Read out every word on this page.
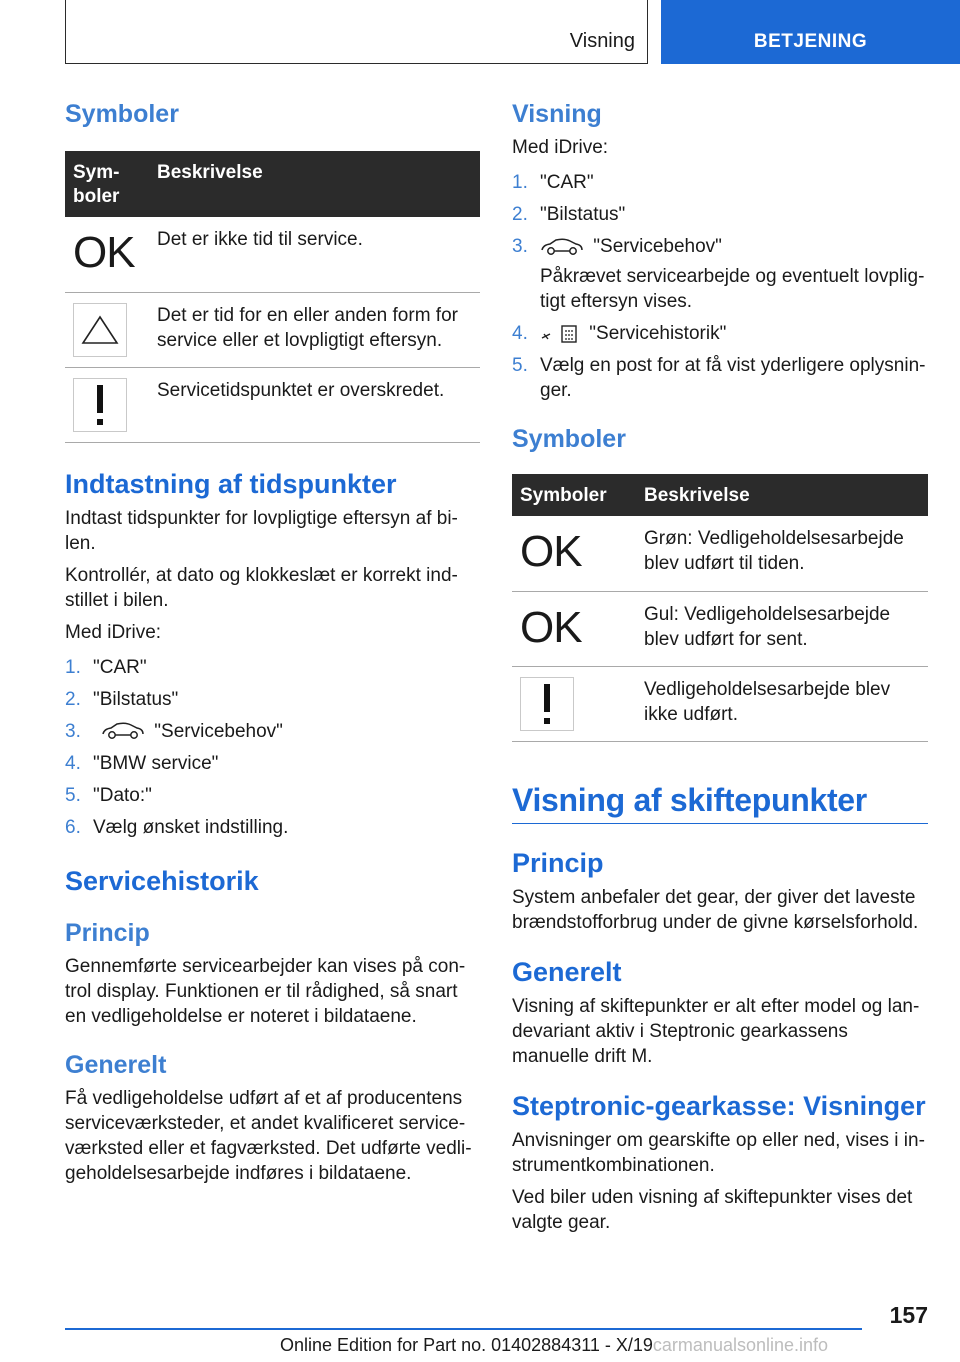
Visning	BETJENING
Symboler
Sym-
boler	Beskrivelse

OK	Det er ikke tid til service.

	Det er tid for en eller anden form for service eller et lovpligtigt eftersyn.

	Servicetidspunktet er overskredet.
Indtastning af tidspunkter

Indtast tidspunkter for lovpligtige eftersyn af bi-len.

Kontrollér, at dato og klokkeslæt er korrekt ind-stillet i bilen.

Med iDrive:

1. "CAR"
2. "Bilstatus"
3.	"Servicebehov"
4. "BMW service"
5. "Dato:"
6. Vælg ønsket indstilling.
Servicehistorik
Princip

Gennemførte servicearbejder kan vises på con-trol display. Funktionen er til rådighed, så snart en vedligeholdelse er noteret i bildataene.

Generelt

Få vedligeholdelse udført af et af producentens serviceværksteder, et andet kvalificeret service-værksted eller et fagværksted. Det udførte vedli-geholdelsesarbejde indføres i bildataene.

Visning

Med iDrive:

1. "CAR"
2. "Bilstatus"
3.	"Servicebehov"
Påkrævet servicearbejde og eventuelt lovplig-tigt eftersyn vises.
4.	"Servicehistorik"
5. Vælg en post for at få vist yderligere oplysnin-ger.
Symboler
Symboler	Beskrivelse

OK	Grøn: Vedligeholdelsesarbejde blev udført til tiden.

OK	Gul: Vedligeholdelsesarbejde blev udført for sent.

	Vedligeholdelsesarbejde blev ikke udført.
Visning af skiftepunkter
Princip

System anbefaler det gear, der giver det laveste brændstofforbrug under de givne kørselsforhold.

Generelt

Visning af skiftepunkter er alt efter model og lan-devariant aktiv i Steptronic gearkassens manuelle drift M.

Steptronic-gearkasse: Visninger

Anvisninger om gearskifte op eller ned, vises i in-strumentkombinationen.

Ved biler uden visning af skiftepunkter vises det valgte gear.

157
Online Edition for Part no. 01402884311 - X/19carmanualsonline.info
